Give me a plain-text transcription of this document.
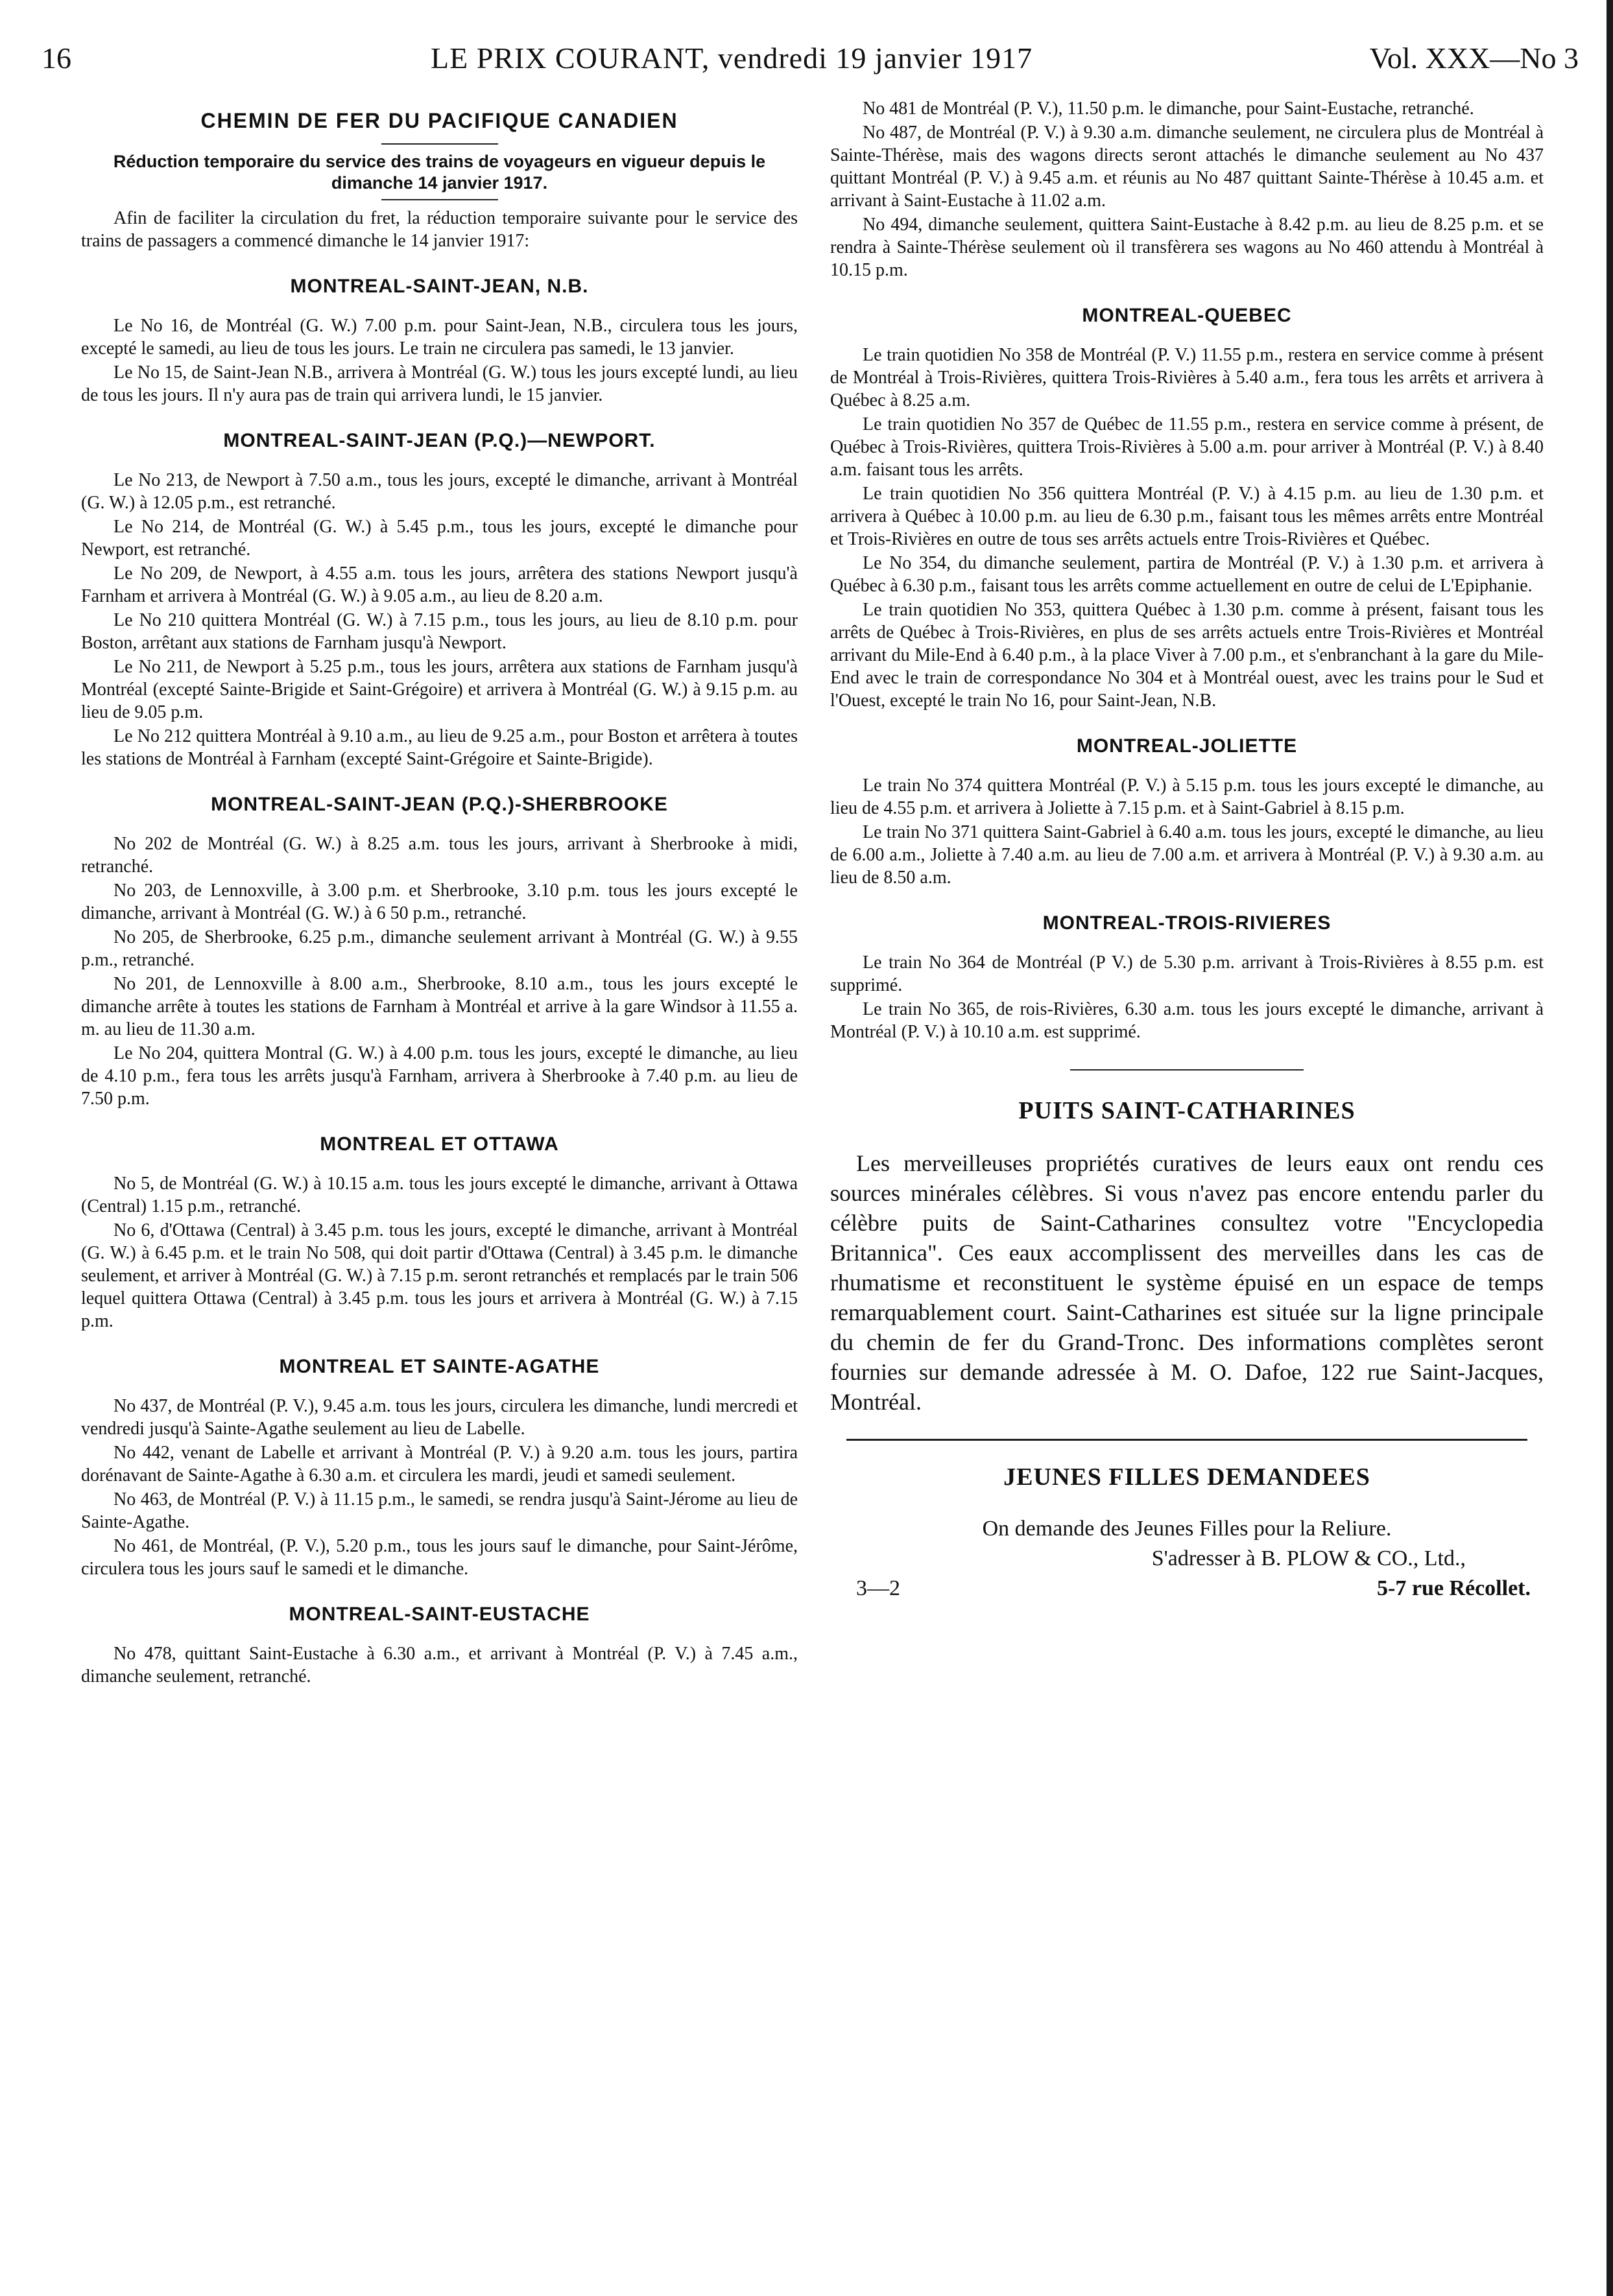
16	LE PRIX COURANT, vendredi 19 janvier 1917	Vol. XXX—No 3
CHEMIN DE FER DU PACIFIQUE CANADIEN
Réduction temporaire du service des trains de voyageurs en vigueur depuis le dimanche 14 janvier 1917.

Afin de faciliter la circulation du fret, la réduction temporaire suivante pour le service des trains de passagers a commencé dimanche le 14 janvier 1917:

MONTREAL-SAINT-JEAN, N.B.

Le No 16, de Montréal (G. W.) 7.00 p.m. pour Saint-Jean, N.B., circulera tous les jours, excepté le samedi, au lieu de tous les jours. Le train ne circulera pas samedi, le 13 janvier.

Le No 15, de Saint-Jean N.B., arrivera à Montréal (G. W.) tous les jours excepté lundi, au lieu de tous les jours. Il n'y aura pas de train qui arrivera lundi, le 15 janvier.

MONTREAL-SAINT-JEAN (P.Q.)—NEWPORT.

Le No 213, de Newport à 7.50 a.m., tous les jours, excepté le dimanche, arrivant à Montréal (G. W.) à 12.05 p.m., est retranché.

Le No 214, de Montréal (G. W.) à 5.45 p.m., tous les jours, excepté le dimanche pour Newport, est retranché.

Le No 209, de Newport, à 4.55 a.m. tous les jours, arrêtera des stations Newport jusqu'à Farnham et arrivera à Montréal (G. W.) à 9.05 a.m., au lieu de 8.20 a.m.

Le No 210 quittera Montréal (G. W.) à 7.15 p.m., tous les jours, au lieu de 8.10 p.m. pour Boston, arrêtant aux stations de Farnham jusqu'à Newport.

Le No 211, de Newport à 5.25 p.m., tous les jours, arrêtera aux stations de Farnham jusqu'à Montréal (excepté Sainte-Brigide et Saint-Grégoire) et arrivera à Montréal (G. W.) à 9.15 p.m. au lieu de 9.05 p.m.

Le No 212 quittera Montréal à 9.10 a.m., au lieu de 9.25 a.m., pour Boston et arrêtera à toutes les stations de Montréal à Farnham (excepté Saint-Grégoire et Sainte-Brigide).

MONTREAL-SAINT-JEAN (P.Q.)-SHERBROOKE

No 202 de Montréal (G. W.) à 8.25 a.m. tous les jours, arrivant à Sherbrooke à midi, retranché.

No 203, de Lennoxville, à 3.00 p.m. et Sherbrooke, 3.10 p.m. tous les jours excepté le dimanche, arrivant à Montréal (G. W.) à 6 50 p.m., retranché.

No 205, de Sherbrooke, 6.25 p.m., dimanche seulement arrivant à Montréal (G. W.) à 9.55 p.m., retranché.

No 201, de Lennoxville à 8.00 a.m., Sherbrooke, 8.10 a.m., tous les jours excepté le dimanche arrête à toutes les stations de Farnham à Montréal et arrive à la gare Windsor à 11.55 a. m. au lieu de 11.30 a.m.

Le No 204, quittera Montral (G. W.) à 4.00 p.m. tous les jours, excepté le dimanche, au lieu de 4.10 p.m., fera tous les arrêts jusqu'à Farnham, arrivera à Sherbrooke à 7.40 p.m. au lieu de 7.50 p.m.

MONTREAL ET OTTAWA

No 5, de Montréal (G. W.) à 10.15 a.m. tous les jours excepté le dimanche, arrivant à Ottawa (Central) 1.15 p.m., retranché.

No 6, d'Ottawa (Central) à 3.45 p.m. tous les jours, excepté le dimanche, arrivant à Montréal (G. W.) à 6.45 p.m. et le train No 508, qui doit partir d'Ottawa (Central) à 3.45 p.m. le dimanche seulement, et arriver à Montréal (G. W.) à 7.15 p.m. seront retranchés et remplacés par le train 506 lequel quittera Ottawa (Central) à 3.45 p.m. tous les jours et arrivera à Montréal (G. W.) à 7.15 p.m.

MONTREAL ET SAINTE-AGATHE

No 437, de Montréal (P. V.), 9.45 a.m. tous les jours, circulera les dimanche, lundi mercredi et vendredi jusqu'à Sainte-Agathe seulement au lieu de Labelle.

No 442, venant de Labelle et arrivant à Montréal (P. V.) à 9.20 a.m. tous les jours, partira dorénavant de Sainte-Agathe à 6.30 a.m. et circulera les mardi, jeudi et samedi seulement.

No 463, de Montréal (P. V.) à 11.15 p.m., le samedi, se rendra jusqu'à Saint-Jérome au lieu de Sainte-Agathe.

No 461, de Montréal, (P. V.), 5.20 p.m., tous les jours sauf le dimanche, pour Saint-Jérôme, circulera tous les jours sauf le samedi et le dimanche.

MONTREAL-SAINT-EUSTACHE

No 478, quittant Saint-Eustache à 6.30 a.m., et arrivant à Montréal (P. V.) à 7.45 a.m., dimanche seulement, retranché.

No 481 de Montréal (P. V.), 11.50 p.m. le dimanche, pour Saint-Eustache, retranché.

No 487, de Montréal (P. V.) à 9.30 a.m. dimanche seulement, ne circulera plus de Montréal à Sainte-Thérèse, mais des wagons directs seront attachés le dimanche seulement au No 437 quittant Montréal (P. V.) à 9.45 a.m. et réunis au No 487 quittant Sainte-Thérèse à 10.45 a.m. et arrivant à Saint-Eustache à 11.02 a.m.

No 494, dimanche seulement, quittera Saint-Eustache à 8.42 p.m. au lieu de 8.25 p.m. et se rendra à Sainte-Thérèse seulement où il transfèrera ses wagons au No 460 attendu à Montréal à 10.15 p.m.

MONTREAL-QUEBEC

Le train quotidien No 358 de Montréal (P. V.) 11.55 p.m., restera en service comme à présent de Montréal à Trois-Rivières, quittera Trois-Rivières à 5.40 a.m., fera tous les arrêts et arrivera à Québec à 8.25 a.m.

Le train quotidien No 357 de Québec de 11.55 p.m., restera en service comme à présent, de Québec à Trois-Rivières, quittera Trois-Rivières à 5.00 a.m. pour arriver à Montréal (P. V.) à 8.40 a.m. faisant tous les arrêts.

Le train quotidien No 356 quittera Montréal (P. V.) à 4.15 p.m. au lieu de 1.30 p.m. et arrivera à Québec à 10.00 p.m. au lieu de 6.30 p.m., faisant tous les mêmes arrêts entre Montréal et Trois-Rivières en outre de tous ses arrêts actuels entre Trois-Rivières et Québec.

Le No 354, du dimanche seulement, partira de Montréal (P. V.) à 1.30 p.m. et arrivera à Québec à 6.30 p.m., faisant tous les arrêts comme actuellement en outre de celui de L'Epiphanie.

Le train quotidien No 353, quittera Québec à 1.30 p.m. comme à présent, faisant tous les arrêts de Québec à Trois-Rivières, en plus de ses arrêts actuels entre Trois-Rivières et Montréal arrivant du Mile-End à 6.40 p.m., à la place Viver à 7.00 p.m., et s'enbranchant à la gare du Mile-End avec le train de correspondance No 304 et à Montréal ouest, avec les trains pour le Sud et l'Ouest, excepté le train No 16, pour Saint-Jean, N.B.

MONTREAL-JOLIETTE

Le train No 374 quittera Montréal (P. V.) à 5.15 p.m. tous les jours excepté le dimanche, au lieu de 4.55 p.m. et arrivera à Joliette à 7.15 p.m. et à Saint-Gabriel à 8.15 p.m.

Le train No 371 quittera Saint-Gabriel à 6.40 a.m. tous les jours, excepté le dimanche, au lieu de 6.00 a.m., Joliette à 7.40 a.m. au lieu de 7.00 a.m. et arrivera à Montréal (P. V.) à 9.30 a.m. au lieu de 8.50 a.m.

MONTREAL-TROIS-RIVIERES

Le train No 364 de Montréal (P V.) de 5.30 p.m. arrivant à Trois-Rivières à 8.55 p.m. est supprimé.

Le train No 365, de rois-Rivières, 6.30 a.m. tous les jours excepté le dimanche, arrivant à Montréal (P. V.) à 10.10 a.m. est supprimé.

PUITS SAINT-CATHARINES

Les merveilleuses propriétés curatives de leurs eaux ont rendu ces sources minérales célèbres. Si vous n'avez pas encore entendu parler du célèbre puits de Saint-Catharines consultez votre "Encyclopedia Britannica". Ces eaux accomplissent des merveilles dans les cas de rhumatisme et reconstituent le système épuisé en un espace de temps remarquablement court. Saint-Catharines est située sur la ligne principale du chemin de fer du Grand-Tronc. Des informations complètes seront fournies sur demande adressée à M. O. Dafoe, 122 rue Saint-Jacques, Montréal.

JEUNES FILLES DEMANDEES

On demande des Jeunes Filles pour la Reliure.

S'adresser à B. PLOW & CO., Ltd.,

3—2	5-7 rue Récollet.
